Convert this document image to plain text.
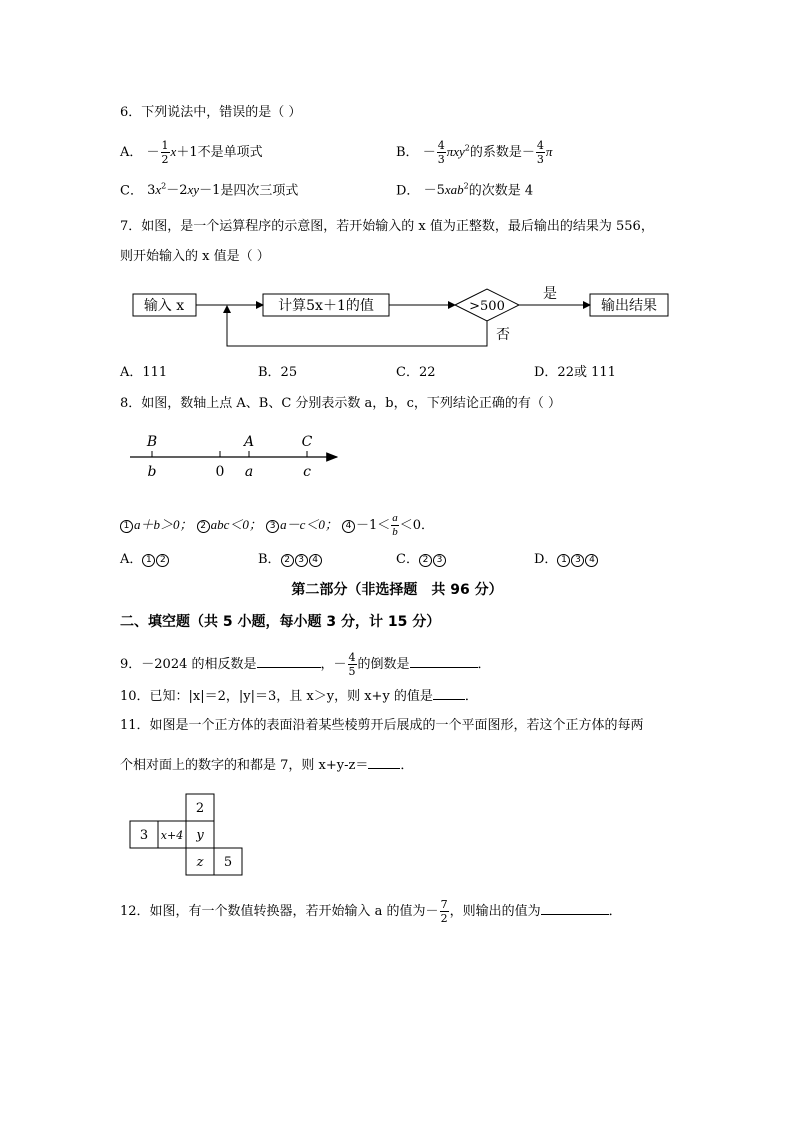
6．下列说法中，错误的是（ ）
A． － $\frac{1}{2} x+1$不是单项式	B． － $\frac{4}{3} \pi xy^2$的系数是－ $\frac{4}{3}$ π
C． $3x^2-2xy-1$是四次三项式	D． －5xab$^2$的次数是 4
7．如图，是一个运算程序的示意图，若开始输入的 x 值为正整数，最后输出的结果为 556，
则开始输入的 x 值是（ ）
输入 x	计算5x＋1的值	>500
是
输出结果
否
A．111	B．25	C．22	D．22或 111
8．如图，数轴上点 A、B、C 分别表示数 a，b，c，下列结论正确的有（ ）
B
b	0
A
a
C
c
1 a＋b＞0； 2 abc＜0； 3 a－c＜0； $4 -1< \frac{a}{b} <0$．
A． 1 2	B． 2 3 4	C． 2 3	D． 1 3 4
第二部分（非选择题　共 96 分）
二、填空题（共 5 小题，每小题 3 分，计 15 分）
9．－2024 的相反数是	，－ $\frac{4}{5}$ 的倒数是	．
10．已知：|x|＝2，|y|＝3，且 x＞y，则 x+y 的值是 ．
11．如图是一个正方体的表面沿着某些棱剪开后展成的一个平面图形，若这个正方体的每两
个相对面上的数字的和都是 7，则 x+y-z＝ ．
2
3 x+4 y
z 5
12．如图，有一个数值转换器，若开始输入 a 的值为－ $\frac{7}{2}$ ，则输出的值为	．
